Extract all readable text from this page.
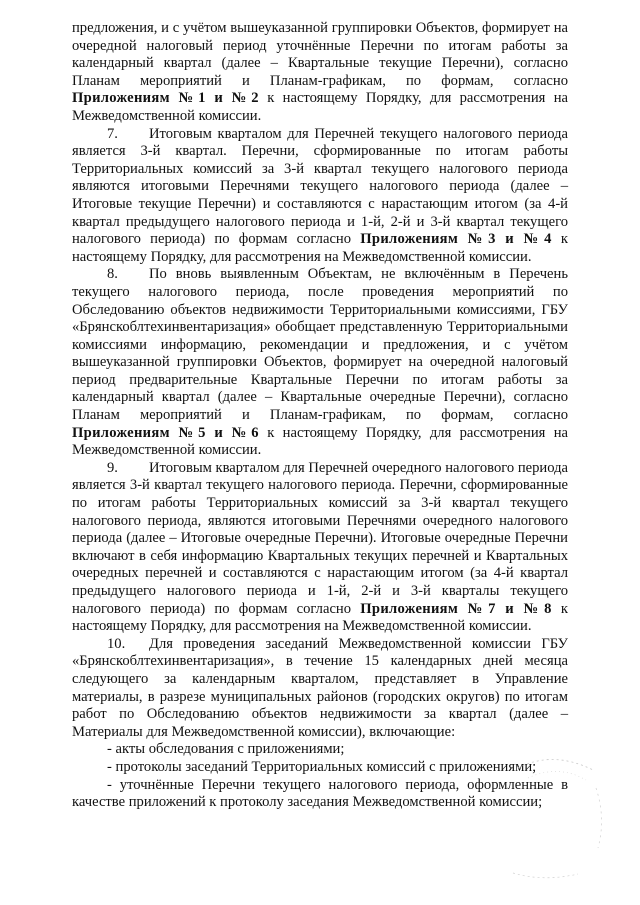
предложения, и с учётом вышеуказанной группировки Объектов, формирует на очередной налоговый период уточнённые Перечни по итогам работы за календарный квартал (далее – Квартальные текущие Перечни), согласно Планам мероприятий и Планам-графикам, по формам, согласно Приложениям №1 и №2 к настоящему Порядку, для рассмотрения на Межведомственной комиссии.

7. Итоговым кварталом для Перечней текущего налогового периода является 3-й квартал. Перечни, сформированные по итогам работы Территориальных комиссий за 3-й квартал текущего налогового периода являются итоговыми Перечнями текущего налогового периода (далее – Итоговые текущие Перечни) и составляются с нарастающим итогом (за 4-й квартал предыдущего налогового периода и 1-й, 2-й и 3-й квартал текущего налогового периода) по формам согласно Приложениям №3 и №4 к настоящему Порядку, для рассмотрения на Межведомственной комиссии.

8. По вновь выявленным Объектам, не включённым в Перечень текущего налогового периода, после проведения мероприятий по Обследованию объектов недвижимости Территориальными комиссиями, ГБУ «Брянскоблтехинвентаризация» обобщает представленную Территориальными комиссиями информацию, рекомендации и предложения, и с учётом вышеуказанной группировки Объектов, формирует на очередной налоговый период предварительные Квартальные Перечни по итогам работы за календарный квартал (далее – Квартальные очередные Перечни), согласно Планам мероприятий и Планам-графикам, по формам, согласно Приложениям №5 и №6 к настоящему Порядку, для рассмотрения на Межведомственной комиссии.

9. Итоговым кварталом для Перечней очередного налогового периода является 3-й квартал текущего налогового периода. Перечни, сформированные по итогам работы Территориальных комиссий за 3-й квартал текущего налогового периода, являются итоговыми Перечнями очередного налогового периода (далее – Итоговые очередные Перечни). Итоговые очередные Перечни включают в себя информацию Квартальных текущих перечней и Квартальных очередных перечней и составляются с нарастающим итогом (за 4-й квартал предыдущего налогового периода и 1-й, 2-й и 3-й кварталы текущего налогового периода) по формам согласно Приложениям №7 и №8 к настоящему Порядку, для рассмотрения на Межведомственной комиссии.

10. Для проведения заседаний Межведомственной комиссии ГБУ «Брянскоблтехинвентаризация», в течение 15 календарных дней месяца следующего за календарным кварталом, представляет в Управление материалы, в разрезе муниципальных районов (городских округов) по итогам работ по Обследованию объектов недвижимости за квартал (далее – Материалы для Межведомственной комиссии), включающие:

- акты обследования с приложениями;

- протоколы заседаний Территориальных комиссий с приложениями;

- уточнённые Перечни текущего налогового периода, оформленные в качестве приложений к протоколу заседания Межведомственной комиссии;
